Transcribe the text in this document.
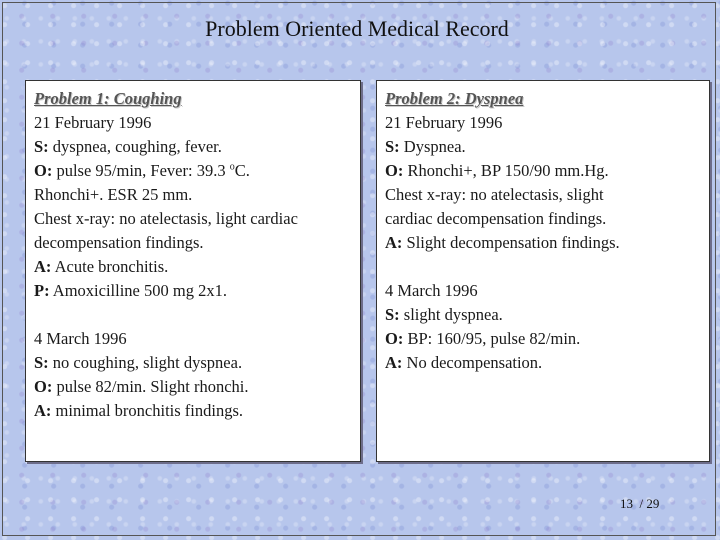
Problem Oriented Medical Record
Problem 1: Coughing
21 February 1996
S: dyspnea, coughing, fever.
O: pulse 95/min, Fever: 39.3 $^o$C.
Rhonchi+. ESR 25 mm.
Chest x-ray: no atelectasis, light cardiac
decompensation findings.
A: Acute bronchitis.
P: Amoxicilline 500 mg 2x1.
4 March 1996
S: no coughing, slight dyspnea.
O: pulse 82/min. Slight rhonchi.
A: minimal bronchitis findings.
Problem 2: Dyspnea
21 February 1996
S: Dyspnea.
O: Rhonchi+, BP 150/90 mm.Hg.
Chest x-ray: no atelectasis, slight
cardiac decompensation findings.
A: Slight decompensation findings.
4 March 1996
S: slight dyspnea.
O: BP: 160/95, pulse 82/min.
A: No decompensation.
13 / 29
